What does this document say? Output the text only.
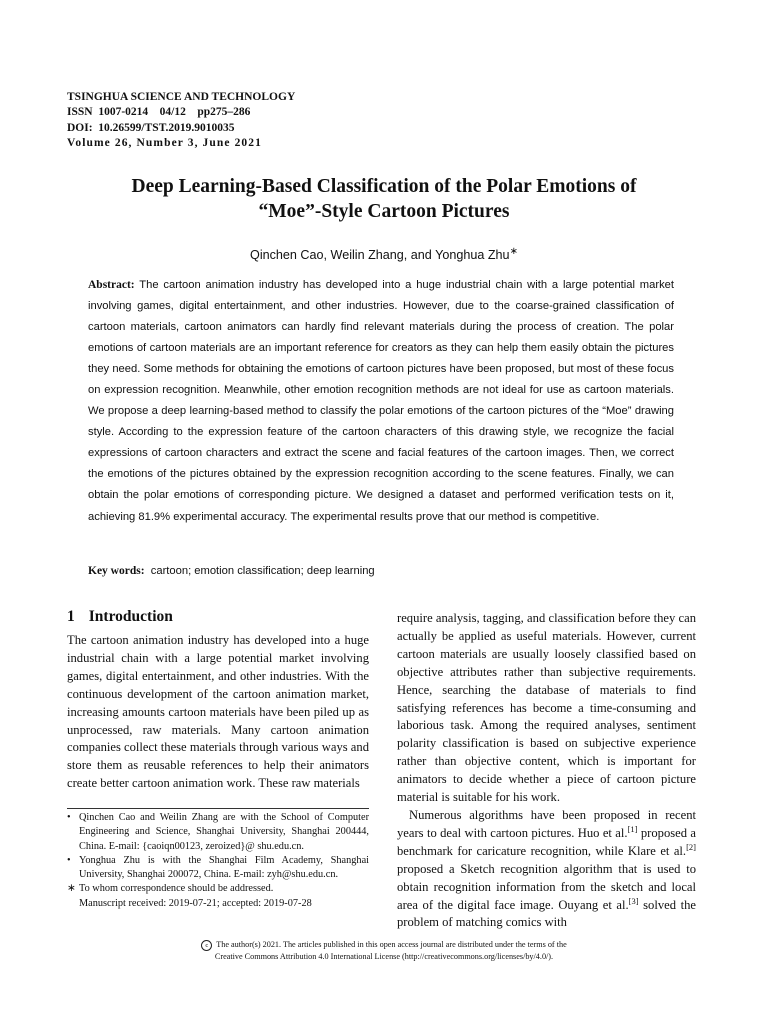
TSINGHUA SCIENCE AND TECHNOLOGY
ISSN  1007-0214    04/12    pp275–286
DOI:  10.26599/TST.2019.9010035
Volume 26, Number 3, June 2021
Deep Learning-Based Classification of the Polar Emotions of
“Moe”-Style Cartoon Pictures
Qinchen Cao, Weilin Zhang, and Yonghua Zhu∗
Abstract: The cartoon animation industry has developed into a huge industrial chain with a large potential market involving games, digital entertainment, and other industries. However, due to the coarse-grained classification of cartoon materials, cartoon animators can hardly find relevant materials during the process of creation. The polar emotions of cartoon materials are an important reference for creators as they can help them easily obtain the pictures they need. Some methods for obtaining the emotions of cartoon pictures have been proposed, but most of these focus on expression recognition. Meanwhile, other emotion recognition methods are not ideal for use as cartoon materials. We propose a deep learning-based method to classify the polar emotions of the cartoon pictures of the “Moe” drawing style. According to the expression feature of the cartoon characters of this drawing style, we recognize the facial expressions of cartoon characters and extract the scene and facial features of the cartoon images. Then, we correct the emotions of the pictures obtained by the expression recognition according to the scene features. Finally, we can obtain the polar emotions of corresponding picture. We designed a dataset and performed verification tests on it, achieving 81.9% experimental accuracy. The experimental results prove that our method is competitive.
Key words: cartoon; emotion classification; deep learning
1 Introduction

The cartoon animation industry has developed into a huge industrial chain with a large potential market involving games, digital entertainment, and other industries. With the continuous development of the cartoon animation market, increasing amounts cartoon materials have been piled up as unprocessed, raw materials. Many cartoon animation companies collect these materials through various ways and store them as reusable references to help their animators create better cartoon animation work. These raw materials

• Qinchen Cao and Weilin Zhang are with the School of Computer Engineering and Science, Shanghai University, Shanghai 200444, China. E-mail: {caoiqn00123, zeroized}@ shu.edu.cn.
• Yonghua Zhu is with the Shanghai Film Academy, Shanghai University, Shanghai 200072, China. E-mail: zyh@shu.edu.cn.
∗ To whom correspondence should be addressed.
Manuscript received: 2019-07-21; accepted: 2019-07-28

require analysis, tagging, and classification before they can actually be applied as useful materials. However, current cartoon materials are usually loosely classified based on objective attributes rather than subjective requirements. Hence, searching the database of materials to find satisfying references has become a time-consuming and laborious task. Among the required analyses, sentiment polarity classification is based on subjective experience rather than objective content, which is important for animators to decide whether a piece of cartoon picture material is suitable for his work.

Numerous algorithms have been proposed in recent years to deal with cartoon pictures. Huo et al.[1] proposed a benchmark for caricature recognition, while Klare et al.[2] proposed a Sketch recognition algorithm that is used to obtain recognition information from the sketch and local area of the digital face image. Ouyang et al.[3] solved the problem of matching comics with

c The author(s) 2021. The articles published in this open access journal are distributed under the terms of the
Creative Commons Attribution 4.0 International License (http://creativecommons.org/licenses/by/4.0/).
